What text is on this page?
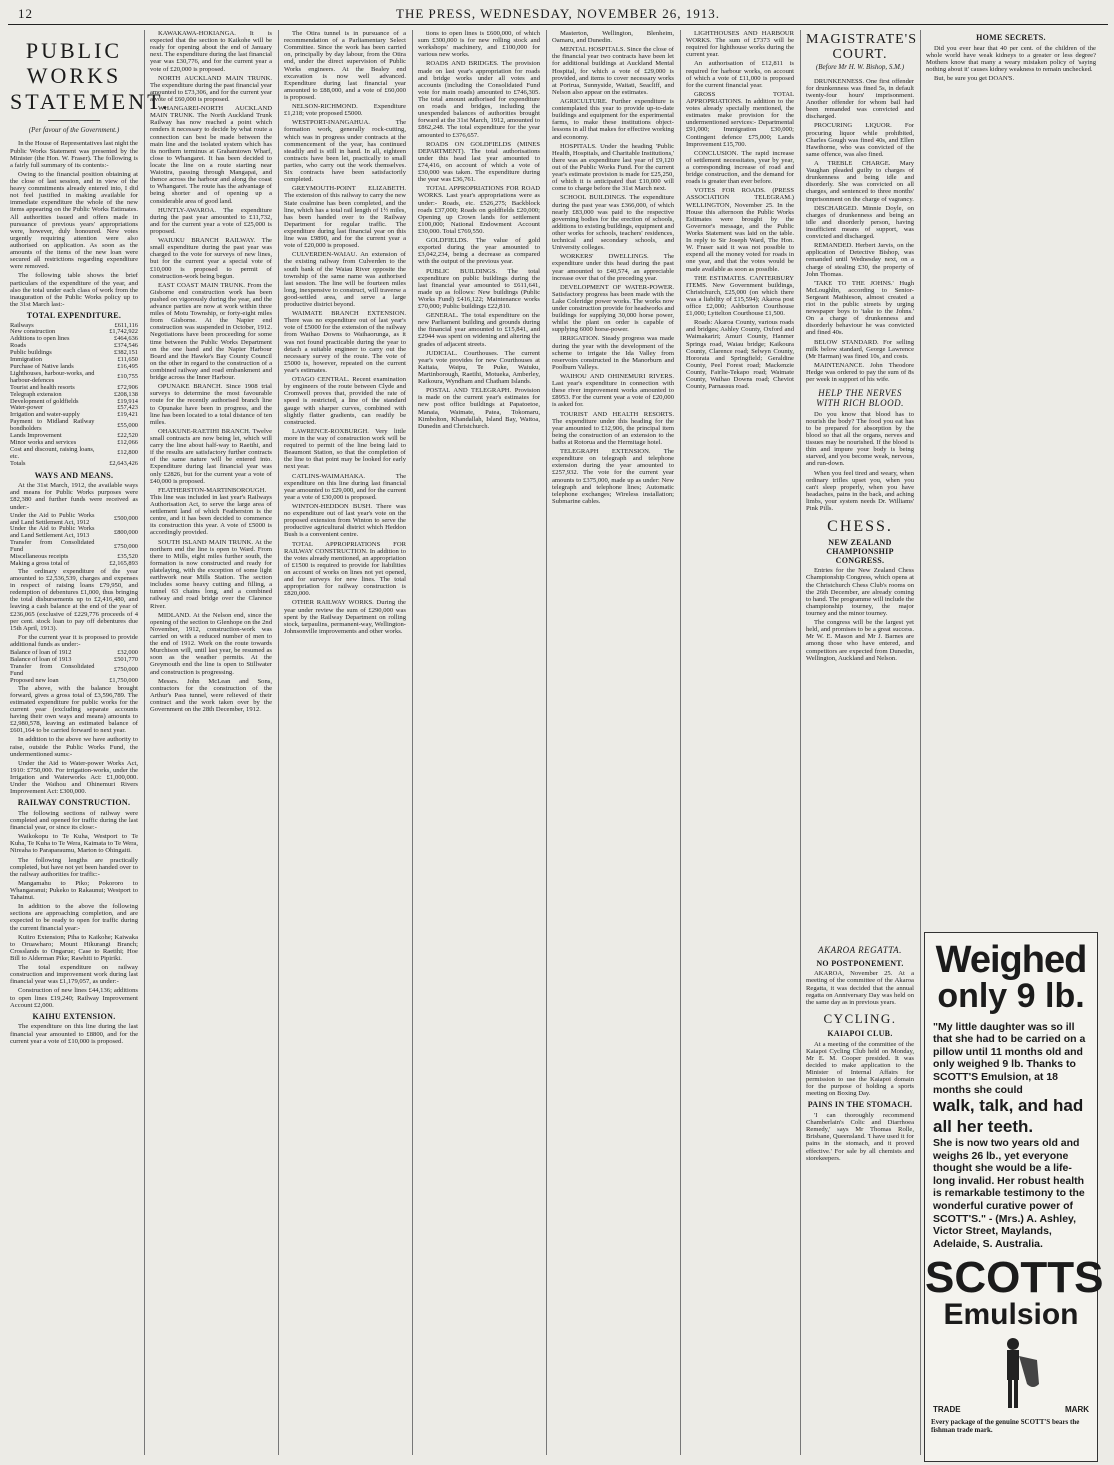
12	THE PRESS, WEDNESDAY, NOVEMBER 26, 1913.
PUBLIC WORKS STATEMENT.
(Per favour of the Government.)

In the House of Representatives last night the Public Works Statement was presented by the Minister (the Hon. W. Fraser). The following is a fairly full summary of its contents:-

Owing to the financial position obtaining at the close of last session, and in view of the heavy commitments already entered into, I did not feel justified in making available for immediate expenditure the whole of the new items appearing on the Public Works Estimates. All authorities issued and offers made in pursuance of previous years' appropriations were, however, duly honoured. New votes urgently requiring attention were also authorised on application. As soon as the amounts of the items of the new loan were secured all restrictions regarding expenditure were removed.

The following table shows the brief particulars of the expenditure of the year, and also the total under each class of work from the inauguration of the Public Works policy up to the 31st March last:-

TOTAL EXPENDITURE.
Railways	£611,116
New construction	£1,742,922
Additions to open lines	£464,636
Roads	£374,546
Public buildings	£382,151
Immigration	£11,650
Purchase of Native lands	£16,495
Lighthouses, harbour-works, and harbour-defences	£10,755
Tourist and health resorts	£72,906
Telegraph extension	£208,138
Development of goldfields	£19,914
Water-power	£57,423
Irrigation and water-supply	£19,421
Payment to Midland Railway bondholders	£55,000
Lands Improvement	£22,520
Minor works and services	£12,066
Cost and discount, raising loans, etc.	£12,800
Totals	£2,643,426
WAYS AND MEANS.

At the 31st March, 1912, the available ways and means for Public Works purposes were £82,380 and further funds were received as under:-

Under the Aid to Public Works and Land Settlement Act, 1912	£500,000
Under the Aid to Public Works and Land Settlement Act, 1913	£800,000
Transfer from Consolidated Fund	£750,000
Miscellaneous receipts	£35,520
Making a gross total of	£2,165,893

The ordinary expenditure of the year amounted to £2,536,539, charges and expenses in respect of raising loans £79,950, and redemption of debentures £1,000, thus bringing the total disbursements up to £2,416,480, and leaving a cash balance at the end of the year of £236,065 (exclusive of £229,776 proceeds of 4 per cent. stock loan to pay off debentures due 15th April, 1913).

For the current year it is proposed to provide additional funds as under:-

Balance of loan of 1912	£32,000
Balance of loan of 1913	£501,770
Transfer from Consolidated Fund	£750,000
Proposed new loan	£1,750,000

The above, with the balance brought forward, gives a gross total of £3,596,789. The estimated expenditure for public works for the current year (excluding separate accounts having their own ways and means) amounts to £2,980,578, leaving an estimated balance of £601,164 to be carried forward to next year.

In addition to the above we have authority to raise, outside the Public Works Fund, the undermentioned sums:-

Under the Aid to Water-power Works Act, 1910: £750,000. For irrigation-works, under the Irrigation and Waterworks Act: £1,000,000. Under the Waihou and Ohinemuri Rivers Improvement Act: £300,000.

RAILWAY CONSTRUCTION.

The following sections of railway were completed and opened for traffic during the last financial year, or since its close:-

Waikokopu to Te Kuha, Westport to Te Kuha, Te Kuha to Te Wera, Kaimata to Te Wera, Nireaha to Paraparaumu, Marton to Ohingaiti.

The following lengths are practically completed, but have not yet been handed over to the railway authorities for traffic:-

Mangamahu to Piko; Pokororo to Whangaranui; Pukeko to Rakaunui; Westport to Tahainui.

In addition to the above the following sections are approaching completion, and are expected to be ready to open for traffic during the current financial year:-

Kuiiro Extension; Piha to Kaikohe; Kaiwaka to Oruawharo; Mount Hikurangi Branch; Crosslands to Ongarue; Case to Raetihi; Hoe Bill to Alderman Pike; Rawhiti to Pipiriki.

The total expenditure on railway construction and improvement work during last financial year was £1,179,057, as under:-

Construction of new lines £44,136; additions to open lines £19,240; Railway Improvement Account £2,000.

KAIHU EXTENSION.

The expenditure on this line during the last financial year amounted to £8800, and for the current year a vote of £10,000 is proposed.

KAWAKAWA-HOKIANGA. It is expected that the section to Kaikohe will be ready for opening about the end of January next. The expenditure during the last financial year was £30,776, and for the current year a vote of £20,000 is proposed.

NORTH AUCKLAND MAIN TRUNK. The expenditure during the past financial year amounted to £73,306, and for the current year a vote of £60,000 is proposed.

WHANGAREI-NORTH AUCKLAND MAIN TRUNK. The North Auckland Trunk Railway has now reached a point which renders it necessary to decide by what route a connection can best be made between the main line and the isolated system which has its northern terminus at Grahamtown Wharf, close to Whangarei. It has been decided to locate the line on a route starting near Waiotira, passing through Mangapai, and thence across the harbour and along the coast to Whangarei. The route has the advantage of being shorter and of opening up a considerable area of good land.

HUNTLY-AWAROA. The expenditure during the past year amounted to £11,732, and for the current year a vote of £25,000 is proposed.

WAIUKU BRANCH RAILWAY. The small expenditure during the past year was charged to the vote for surveys of new lines, but for the current year a special vote of £10,000 is proposed to permit of construction-work being begun.

EAST COAST MAIN TRUNK. From the Gisborne end construction work has been pushed on vigorously during the year, and the advance parties are now at work within three miles of Motu Township, or forty-eight miles from Gisborne. At the Napier end construction was suspended in October, 1912. Negotiations have been proceeding for some time between the Public Works Department on the one hand and the Napier Harbour Board and the Hawke's Bay County Council on the other in regard to the construction of a combined railway and road embankment and bridge across the Inner Harbour.

OPUNAKE BRANCH. Since 1908 trial surveys to determine the most favourable route for the recently authorised branch line to Opunake have been in progress, and the line has been located to a total distance of ten miles.

OHAKUNE-RAETIHI BRANCH. Twelve small contracts are now being let, which will carry the line about half-way to Raetihi, and if the results are satisfactory further contracts of the same nature will be entered into. Expenditure during last financial year was only £2826, but for the current year a vote of £40,000 is proposed.

FEATHERSTON-MARTINBOROUGH. This line was included in last year's Railways Authorisation Act, to serve the large area of settlement land of which Featherston is the centre, and it has been decided to commence its construction this year. A vote of £5000 is accordingly provided.

SOUTH ISLAND MAIN TRUNK. At the northern end the line is open to Ward. From there to Mills, eight miles further south, the formation is now constructed and ready for platelaying, with the exception of some light earthwork near Mills Station. The section includes some heavy cutting and filling, a tunnel 63 chains long, and a combined railway and road bridge over the Clarence River.

MIDLAND. At the Nelson end, since the opening of the section to Glenhope on the 2nd November, 1912, construction-work was carried on with a reduced number of men to the end of 1912. Work on the route towards Murchison will, until last year, be resumed as soon as the weather permits. At the Greymouth end the line is open to Stillwater and construction is progressing.

Messrs. John McLean and Sons, contractors for the construction of the Arthur's Pass tunnel, were relieved of their contract and the work taken over by the Government on the 28th December, 1912.

The Otira tunnel is in pursuance of a recommendation of a Parliamentary Select Committee. Since the work has been carried on, principally by day labour, from the Otira end, under the direct supervision of Public Works engineers. At the Bealey end excavation is now well advanced. Expenditure during last financial year amounted to £88,000, and a vote of £60,000 is proposed.

NELSON-RICHMOND. Expenditure £1,218; vote proposed £5000.

WESTPORT-INANGAHUA. The formation work, generally rock-cutting, which was in progress under contracts at the commencement of the year, has continued steadily and is still in hand. In all, eighteen contracts have been let, practically to small parties, who carry out the work themselves. Six contracts have been satisfactorily completed.

GREYMOUTH-POINT ELIZABETH. The extension of this railway to carry the new State coalmine has been completed, and the line, which has a total rail length of 1½ miles, has been handed over to the Railway Department for regular traffic. The expenditure during last financial year on this line was £9890, and for the current year a vote of £20,000 is proposed.

CULVERDEN-WAIAU. An extension of the existing railway from Culverden to the south bank of the Waiau River opposite the township of the same name was authorised last session. The line will be fourteen miles long, inexpensive to construct, will traverse a good-settled area, and serve a large productive district beyond.

WAIMATE BRANCH EXTENSION. There was no expenditure out of last year's vote of £5000 for the extension of the railway from Waihao Downs to Waihaorunga, as it was not found practicable during the year to detach a suitable engineer to carry out the necessary survey of the route. The vote of £5000 is, however, repeated on the current year's estimates.

OTAGO CENTRAL. Recent examination by engineers of the route between Clyde and Cromwell proves that, provided the rate of speed is restricted, a line of the standard gauge with sharper curves, combined with slightly flatter gradients, can readily be constructed.

LAWRENCE-ROXBURGH. Very little more in the way of construction work will be required to permit of the line being laid to Beaumont Station, so that the completion of the line to that point may be looked for early next year.

CATLINS-WAIMAHAKA. The expenditure on this line during last financial year amounted to £29,000, and for the current year a vote of £30,000 is proposed.

WINTON-HEDDON BUSH. There was no expenditure out of last year's vote on the proposed extension from Winton to serve the productive agricultural district which Heddon Bush is a convenient centre.

TOTAL APPROPRIATIONS FOR RAILWAY CONSTRUCTION. In addition to the votes already mentioned, an appropriation of £1500 is required to provide for liabilities on account of works on lines not yet opened, and for surveys for new lines. The total appropriation for railway construction is £820,000.

OTHER RAILWAY WORKS. During the year under review the sum of £290,000 was spent by the Railway Department on rolling stock, tarpaulins, permanent-way, Wellington-Johnsonville improvements and other works.

tions to open lines is £600,000, of which sum £300,000 is for new rolling stock and workshops' machinery, and £100,000 for various new works.

ROADS AND BRIDGES. The provision made on last year's appropriation for roads and bridge works under all votes and accounts (including the Consolidated Fund vote for main roads) amounted to £746,305. The total amount authorised for expenditure on roads and bridges, including the unexpended balances of authorities brought forward at the 31st March, 1912, amounted to £862,248. The total expenditure for the year amounted to £376,657.

ROADS ON GOLDFIELDS (MINES DEPARTMENT). The total authorisations under this head last year amounted to £74,416, on account of which a vote of £30,000 was taken. The expenditure during the year was £36,761.

TOTAL APPROPRIATIONS FOR ROAD WORKS. Last year's appropriations were as under:- Roads, etc. £526,275; Backblock roads £37,000; Roads on goldfields £20,000; Opening up Crown lands for settlement £100,000; National Endowment Account £30,000. Total £769,550.

GOLDFIELDS. The value of gold exported during the year amounted to £3,042,234, being a decrease as compared with the output of the previous year.

PUBLIC BUILDINGS. The total expenditure on public buildings during the last financial year amounted to £611,641, made up as follows: New buildings (Public Works Fund) £416,122; Maintenance works £70,000; Public buildings £22,810.

GENERAL. The total expenditure on the new Parliament building and grounds during the financial year amounted to £15,841, and £2944 was spent on widening and altering the grades of adjacent streets.

JUDICIAL. Courthouses. The current year's vote provides for new Courthouses at Kaitaia, Waipu, Te Puke, Waiuku, Martinborough, Raetihi, Motueka, Amberley, Kaikoura, Wyndham and Chatham Islands.

POSTAL AND TELEGRAPH. Provision is made on the current year's estimates for new post office buildings at Papatoetoe, Manaia, Waimate, Patea, Tokomaru, Kimbolton, Khandallah, Island Bay, Waitoa, Dunedin and Christchurch.

Masterton, Wellington, Blenheim, Oamaru, and Dunedin.

MENTAL HOSPITALS. Since the close of the financial year two contracts have been let for additional buildings at Auckland Mental Hospital, for which a vote of £29,000 is provided, and items to cover necessary works at Porirua, Sunnyside, Waitati, Seacliff, and Nelson also appear on the estimates.

AGRICULTURE. Further expenditure is contemplated this year to provide up-to-date buildings and equipment for the experimental farms, to make these institutions object-lessons in all that makes for effective working and economy.

HOSPITALS. Under the heading 'Public Health, Hospitals, and Charitable Institutions,' there was an expenditure last year of £9,120 out of the Public Works Fund. For the current year's estimate provision is made for £25,250, of which it is anticipated that £10,000 will come to charge before the 31st March next.

SCHOOL BUILDINGS. The expenditure during the past year was £366,000, of which nearly £83,000 was paid to the respective governing bodies for the erection of schools, additions to existing buildings, equipment and other works for schools, teachers' residences, technical and secondary schools, and University colleges.

WORKERS' DWELLINGS. The expenditure under this head during the past year amounted to £40,574, an appreciable increase over that of the preceding year.

DEVELOPMENT OF WATER-POWER. Satisfactory progress has been made with the Lake Coleridge power works. The works now under construction provide for headworks and buildings for supplying 30,000 horse power, whilst the plant on order is capable of supplying 6000 horse-power.

IRRIGATION. Steady progress was made during the year with the development of the scheme to irrigate the Ida Valley from reservoirs constructed in the Manorburn and Poolburn Valleys.

WAIHOU AND OHINEMURI RIVERS. Last year's expenditure in connection with these river improvement works amounted to £8953. For the current year a vote of £20,000 is asked for.

TOURIST AND HEALTH RESORTS. The expenditure under this heading for the year amounted to £12,906, the principal item being the construction of an extension to the baths at Rotorua and the Hermitage hotel.

TELEGRAPH EXTENSION. The expenditure on telegraph and telephone extension during the year amounted to £257,932. The vote for the current year amounts to £375,000, made up as under: New telegraph and telephone lines; Automatic telephone exchanges; Wireless installation; Submarine cables.

LIGHTHOUSES AND HARBOUR WORKS. The sum of £7373 will be required for lighthouse works during the current year.

An authorisation of £12,811 is required for harbour works, on account of which a vote of £11,000 is proposed for the current financial year.

GROSS TOTAL APPROPRIATIONS. In addition to the votes already specially mentioned, the estimates make provision for the undermentioned services:- Departmental £91,000; Immigration £30,000; Contingent defence £75,000; Lands Improvement £15,700.

CONCLUSION. The rapid increase of settlement necessitates, year by year, a corresponding increase of road and bridge construction, and the demand for roads is greater than ever before.

VOTES FOR ROADS. (PRESS ASSOCIATION TELEGRAM.) WELLINGTON, November 25. In the House this afternoon the Public Works Estimates were brought by the Governor's message, and the Public Works Statement was laid on the table. In reply to Sir Joseph Ward, The Hon. W. Fraser said it was not possible to expend all the money voted for roads in one year, and that the votes would be made available as soon as possible.

THE ESTIMATES. CANTERBURY ITEMS. New Government buildings, Christchurch, £25,000 (on which there was a liability of £15,594); Akaroa post office £2,000; Ashburton Courthouse £1,000; Lyttelton Courthouse £1,500.

Roads: Akaroa County, various roads and bridges; Ashley County, Oxford and Waimakariri; Amuri County, Hanmer Springs road, Waiau bridge; Kaikoura County, Clarence road; Selwyn County, Hororata and Springfield; Geraldine County, Peel Forest road; Mackenzie County, Fairlie-Tekapo road; Waimate County, Waihao Downs road; Cheviot County, Parnassus road.

MAGISTRATE'S COURT.
(Before Mr H. W. Bishop, S.M.)

DRUNKENNESS. One first offender for drunkenness was fined 5s, in default twenty-four hours' imprisonment. Another offender for whom bail had been remanded was convicted and discharged.

PROCURING LIQUOR. For procuring liquor while prohibited, Charles Gough was fined 40s, and Ellen Hawthorne, who was convicted of the same offence, was also fined.

A TREBLE CHARGE. Mary Vaughan pleaded guilty to charges of drunkenness and being idle and disorderly. She was convicted on all charges, and sentenced to three months' imprisonment on the charge of vagrancy.

DISCHARGED. Minnie Doyle, on charges of drunkenness and being an idle and disorderly person, having insufficient means of support, was convicted and discharged.

REMANDED. Herbert Jarvis, on the application of Detective Bishop, was remanded until Wednesday next, on a charge of stealing £30, the property of John Thomas.

'TAKE TO THE JOHNS.' Hugh McLoughlin, according to Senior-Sergeant Mathieson, almost created a riot in the public streets by urging newspaper boys to 'take to the Johns.' On a charge of drunkenness and disorderly behaviour he was convicted and fined 40s.

BELOW STANDARD. For selling milk below standard, George Lawrence (Mr Harman) was fined 10s, and costs.

MAINTENANCE. John Theodore Hedge was ordered to pay the sum of 8s per week in support of his wife.

HELP THE NERVES WITH RICH BLOOD.

Do you know that blood has to nourish the body? The food you eat has to be prepared for absorption by the blood so that all the organs, nerves and tissues may be nourished. If the blood is thin and impure your body is being starved, and you become weak, nervous, and run-down.

When you feel tired and weary, when ordinary trifles upset you, when you can't sleep properly, when you have headaches, pains in the back, and aching limbs, your system needs Dr. Williams' Pink Pills.

CHESS.
NEW ZEALAND CHAMPIONSHIP CONGRESS.

Entries for the New Zealand Chess Championship Congress, which opens at the Christchurch Chess Club's rooms on the 26th December, are already coming to hand. The programme will include the championship tourney, the major tourney and the minor tourney.

The congress will be the largest yet held, and promises to be a great success. Mr W. E. Mason and Mr J. Barnes are among those who have entered, and competitors are expected from Dunedin, Wellington, Auckland and Nelson.

AKAROA REGATTA.
NO POSTPONEMENT.

AKAROA, November 25. At a meeting of the committee of the Akaroa Regatta, it was decided that the annual regatta on Anniversary Day was held on the same day as in previous years.

CYCLING.
KAIAPOI CLUB.

At a meeting of the committee of the Kaiapoi Cycling Club held on Monday, Mr E. M. Cooper presided. It was decided to make application to the Minister of Internal Affairs for permission to use the Kaiapoi domain for the purpose of holding a sports meeting on Boxing Day.

PAINS IN THE STOMACH.

'I can thoroughly recommend Chamberlain's Colic and Diarrhoea Remedy,' says Mr Thomas Rolle, Brisbane, Queensland. 'I have used it for pains in the stomach, and it proved effective.' For sale by all chemists and storekeepers.

HOME SECRETS.

Did you ever hear that 40 per cent. of the children of the whole world have weak kidneys to a greater or less degree? Mothers know that many a weary mistaken policy of 'saying nothing about it' causes kidney weakness to remain unchecked.

But, be sure you get DOAN'S.

Weighed
only 9 lb.
"My little daughter was so ill that she had to be carried on a pillow until 11 months old and only weighed 9 lb. Thanks to SCOTT'S Emulsion, at 18 months she could
walk, talk, and had all her teeth.
She is now two years old and weighs 26 lb., yet everyone thought she would be a life-long invalid. Her robust health is remarkable testimony to the wonderful curative power of SCOTT'S." - (Mrs.) A. Ashley, Victor Street, Maylands, Adelaide, S. Australia.
SCOTTS
Emulsion
TRADE	MARK
Every package of the genuine SCOTT'S bears the fishman trade mark.
